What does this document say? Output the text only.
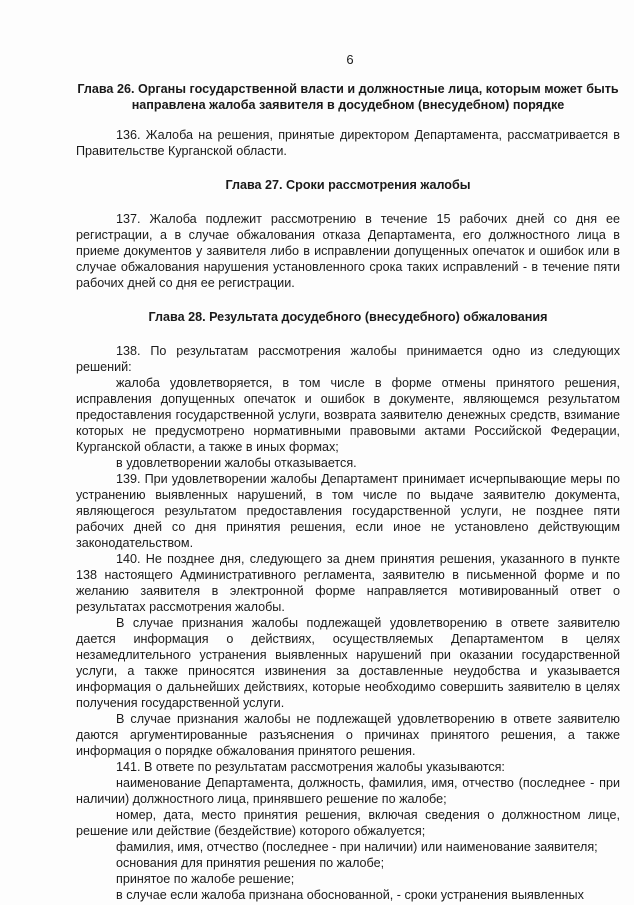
6
Глава 26. Органы государственной власти и должностные лица, которым может быть направлена жалоба заявителя в досудебном (внесудебном) порядке

136. Жалоба на решения, принятые директором Департамента, рассматривается в Правительстве Курганской области.

Глава 27. Сроки рассмотрения жалобы

137. Жалоба подлежит рассмотрению в течение 15 рабочих дней со дня ее регистрации, а в случае обжалования отказа Департамента, его должностного лица в приеме документов у заявителя либо в исправлении допущенных опечаток и ошибок или в случае обжалования нарушения установленного срока таких исправлений - в течение пяти рабочих дней со дня ее регистрации.

Глава 28. Результата досудебного (внесудебного) обжалования

138. По результатам рассмотрения жалобы принимается одно из следующих решений:

жалоба удовлетворяется, в том числе в форме отмены принятого решения, исправления допущенных опечаток и ошибок в документе, являющемся результатом предоставления государственной услуги, возврата заявителю денежных средств, взимание которых не предусмотрено нормативными правовыми актами Российской Федерации, Курганской области, а также в иных формах;

в удовлетворении жалобы отказывается.

139. При удовлетворении жалобы Департамент принимает исчерпывающие меры по устранению выявленных нарушений, в том числе по выдаче заявителю документа, являющегося результатом предоставления государственной услуги, не позднее пяти рабочих дней со дня принятия решения, если иное не установлено действующим законодательством.

140. Не позднее дня, следующего за днем принятия решения, указанного в пункте 138 настоящего Административного регламента, заявителю в письменной форме и по желанию заявителя в электронной форме направляется мотивированный ответ о результатах рассмотрения жалобы.

В случае признания жалобы подлежащей удовлетворению в ответе заявителю дается информация о действиях, осуществляемых Департаментом в целях незамедлительного устранения выявленных нарушений при оказании государственной услуги, а также приносятся извинения за доставленные неудобства и указывается информация о дальнейших действиях, которые необходимо совершить заявителю в целях получения государственной услуги.

В случае признания жалобы не подлежащей удовлетворению в ответе заявителю даются аргументированные разъяснения о причинах принятого решения, а также информация о порядке обжалования принятого решения.

141. В ответе по результатам рассмотрения жалобы указываются:

наименование Департамента, должность, фамилия, имя, отчество (последнее - при наличии) должностного лица, принявшего решение по жалобе;

номер, дата, место принятия решения, включая сведения о должностном лице, решение или действие (бездействие) которого обжалуется;

фамилия, имя, отчество (последнее - при наличии) или наименование заявителя;

основания для принятия решения по жалобе;

принятое по жалобе решение;

в случае если жалоба признана обоснованной, - сроки устранения выявленных
